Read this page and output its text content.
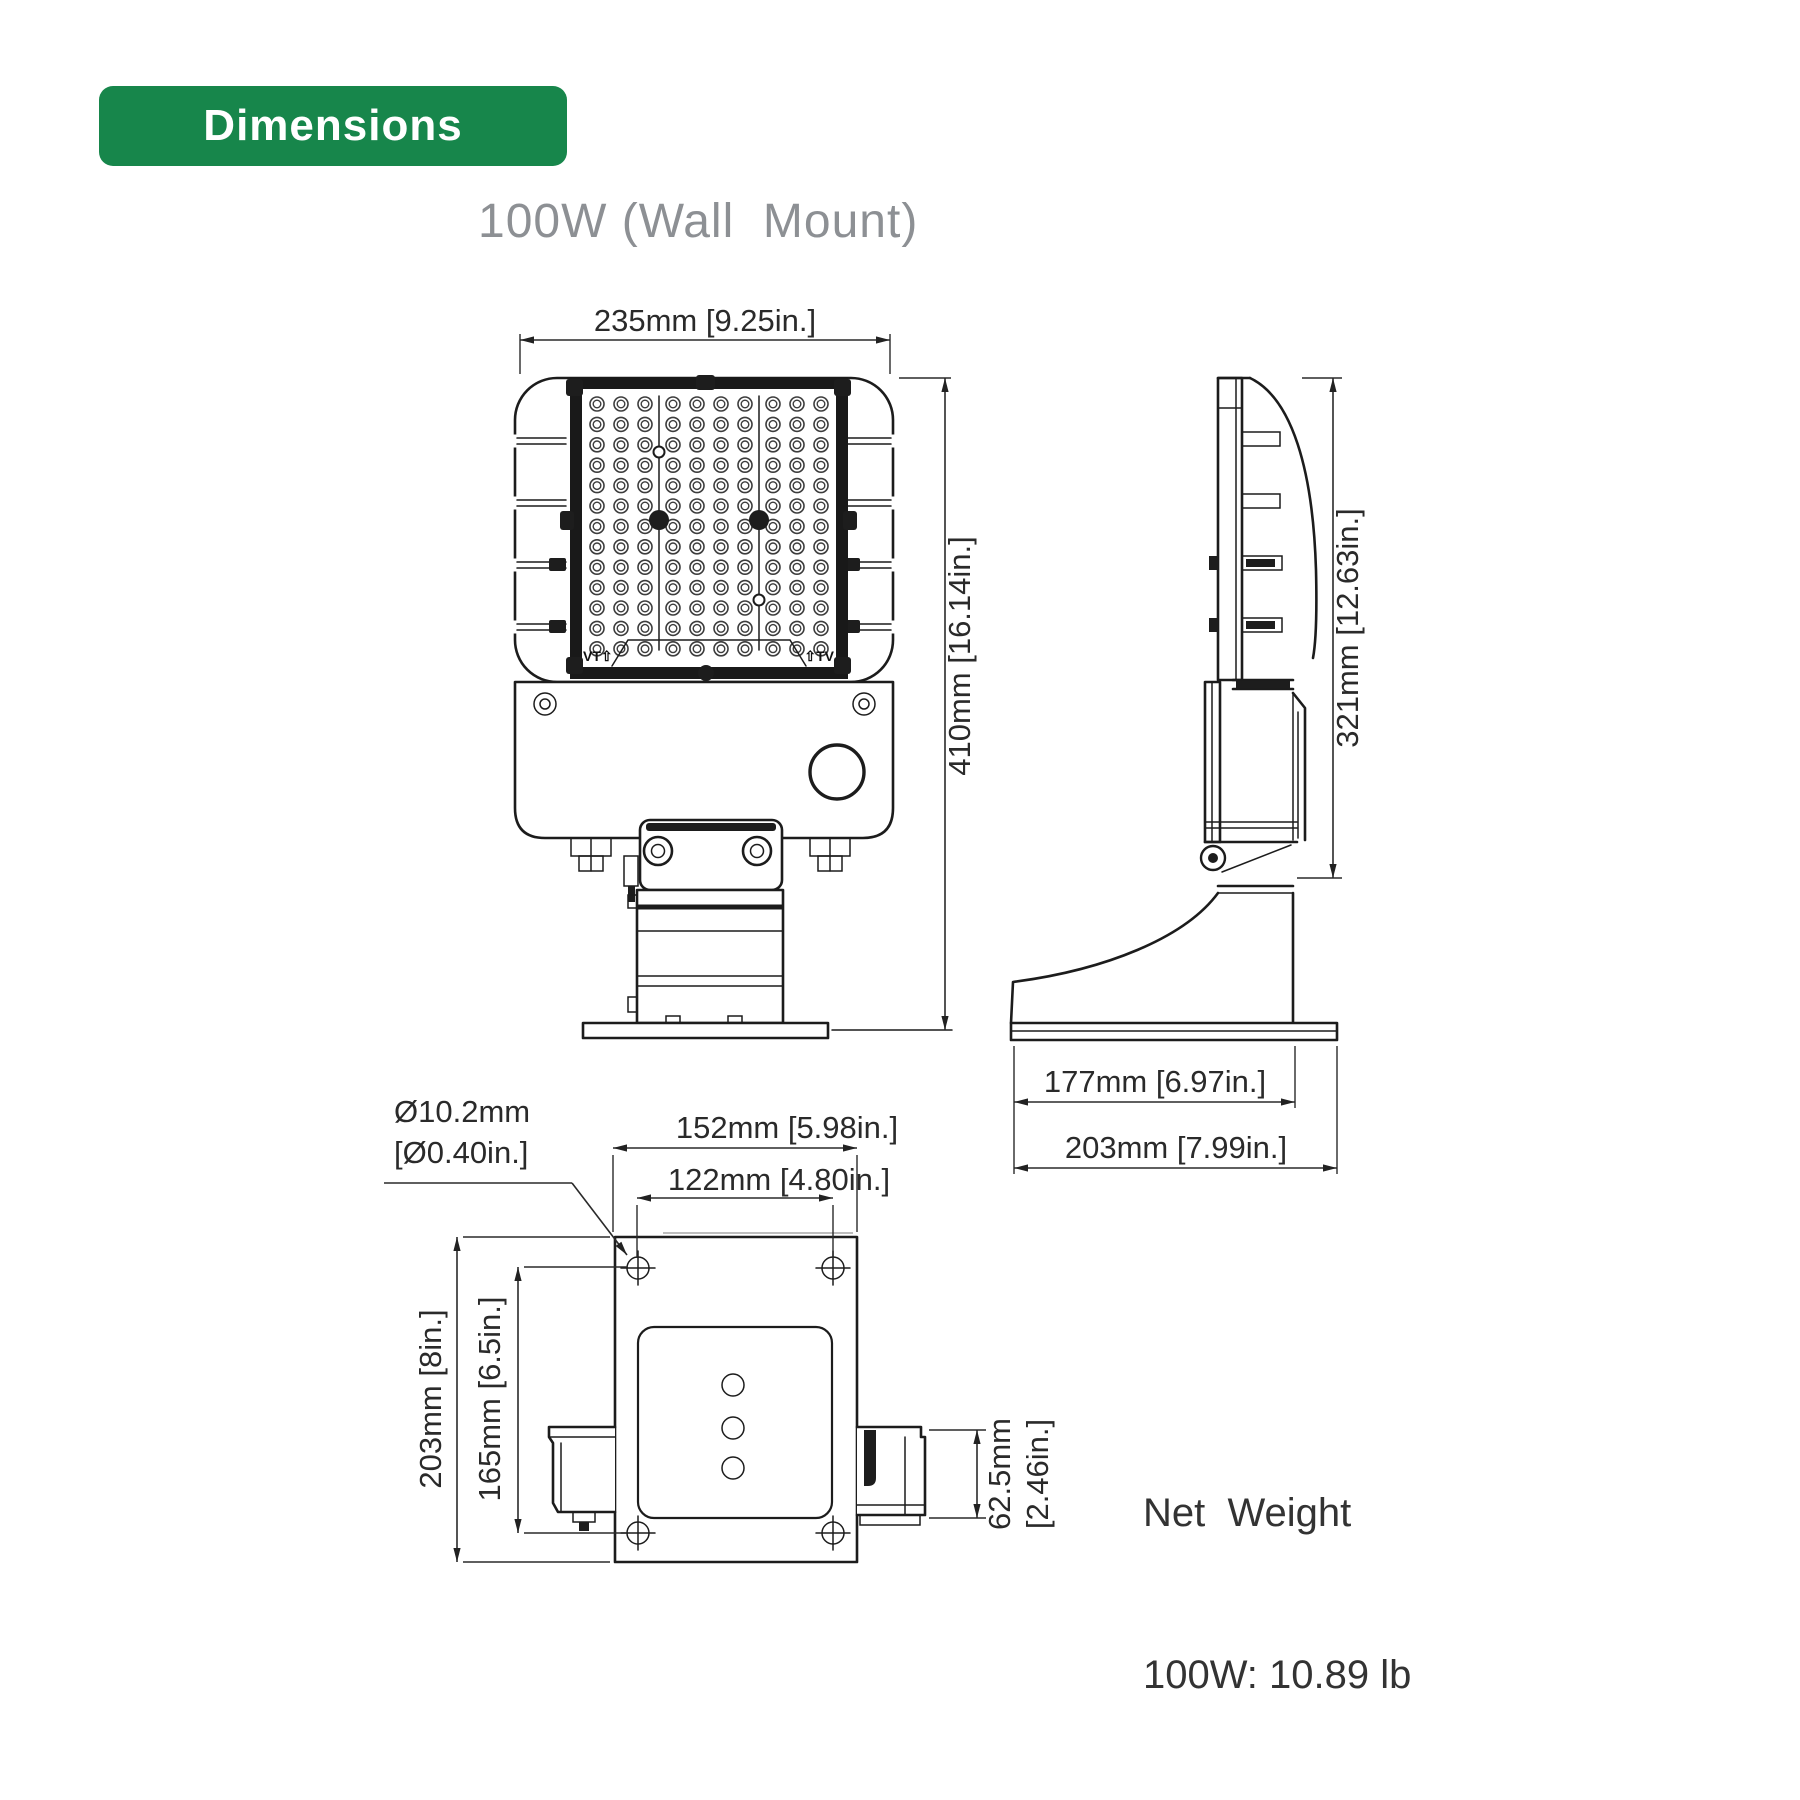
Dimensions
100W (Wall  Mount)
VT⇧	⇧TV
235mm [9.25in.]
410mm [16.14in.]	321mm [12.63in.]
177mm [6.97in.]
203mm [7.99in.]
62.5mm [2.46in.]
152mm [5.98in.]
122mm [4.80in.]
203mm [8in.] 165mm [6.5in.]
Ø10.2mm
[Ø0.40in.]

Net  Weight

100W: 10.89 lb
